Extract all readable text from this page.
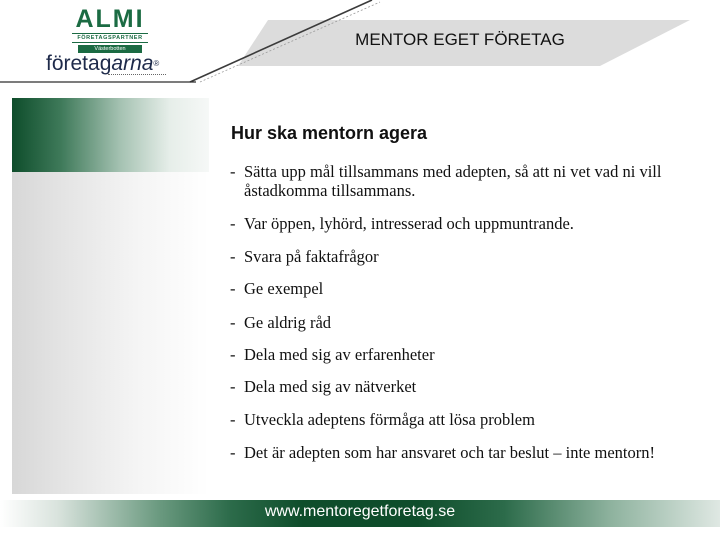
ALMI
FÖRETAGSPARTNER
Västerbotten
företagarna®
MENTOR EGET FÖRETAG
Hur ska mentorn agera
- Sätta upp mål tillsammans med adepten, så att ni vet vad ni vill åstadkomma tillsammans.
- Var öppen, lyhörd, intresserad och uppmuntrande.
- Svara på faktafrågor
- Ge exempel
- Ge aldrig råd
- Dela med sig av erfarenheter
- Dela med sig av nätverket
- Utveckla adeptens förmåga att lösa problem
- Det är adepten som har ansvaret och tar beslut – inte mentorn!
www.mentoregetforetag.se
